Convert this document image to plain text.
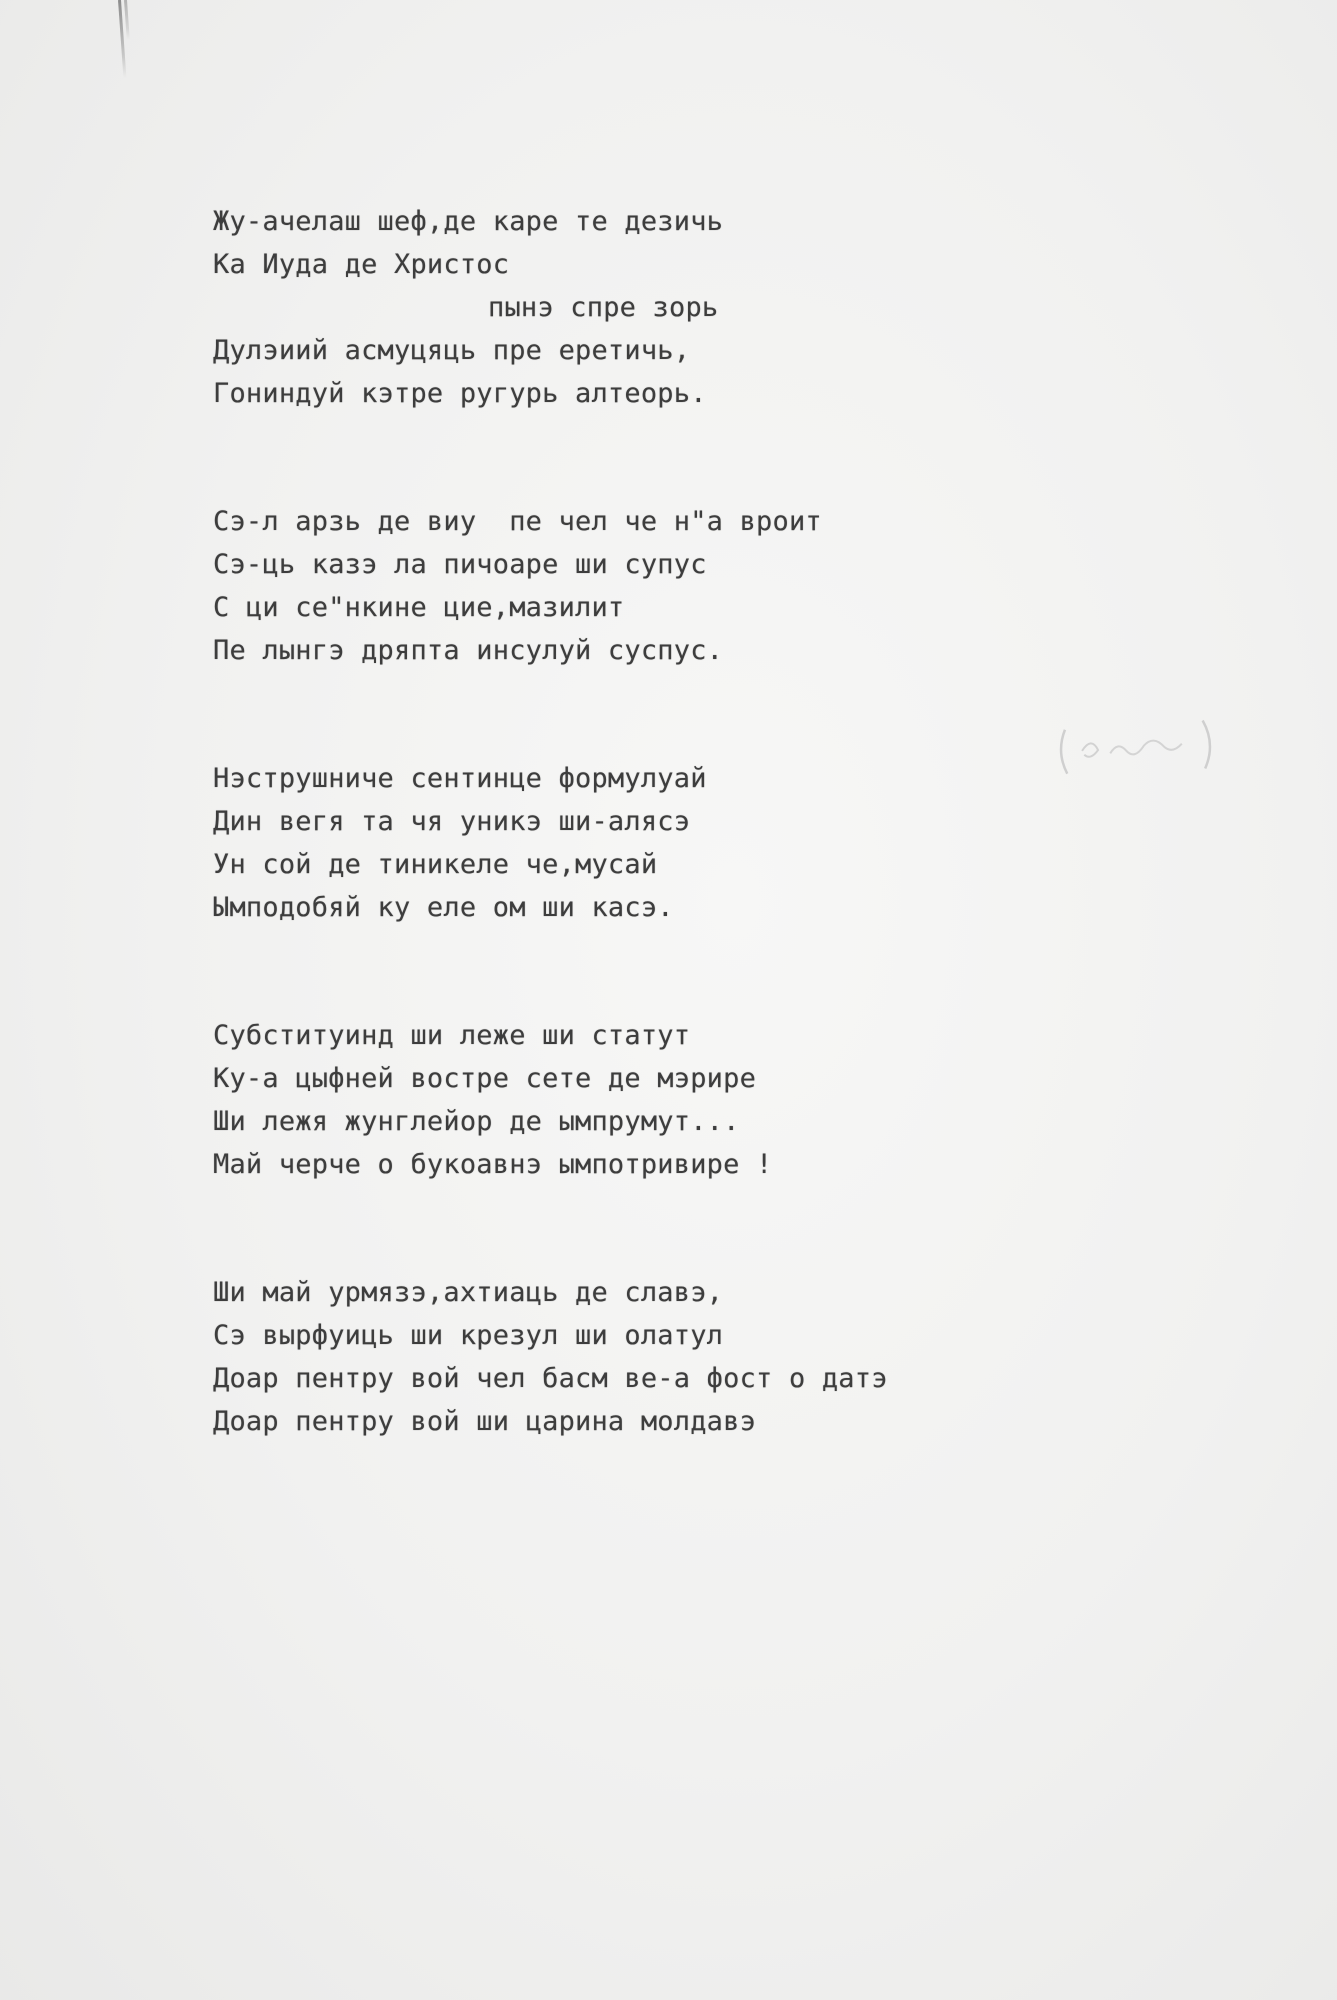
Жу-ачелаш шеф,де каре те дезичь
Ка Иуда де Христос
пынэ спре зорь
Дулэиий асмуцяць пре еретичь,
Гониндуй кэтре ругурь алтеорь.
Сэ-л арзь де виу  пе чел че н"а вроит
Сэ-ць казэ ла пичоаре ши супус
С ци се"нкине цие,мазилит
Пе лынгэ дряпта инсулуй суспус.
Нэструшниче сентинце формулуай
Дин вегя та чя уникэ ши-аляcэ
Ун сой де тиникеле че,мусай
Ымподобяй ку еле ом ши касэ.
Субституинд ши леже ши статут
Ку-а цыфней востре сете де мэрире
Ши лежя жунглейор де ымпрумут...
Май черче о букоавнэ ымпотривире !
Ши май урмязэ,ахтиаць де славэ,
Сэ вырфуиць ши крезул ши олатул
Доар пентру вой чел басм ве-а фост о датэ
Доар пентру вой ши царина молдавэ
